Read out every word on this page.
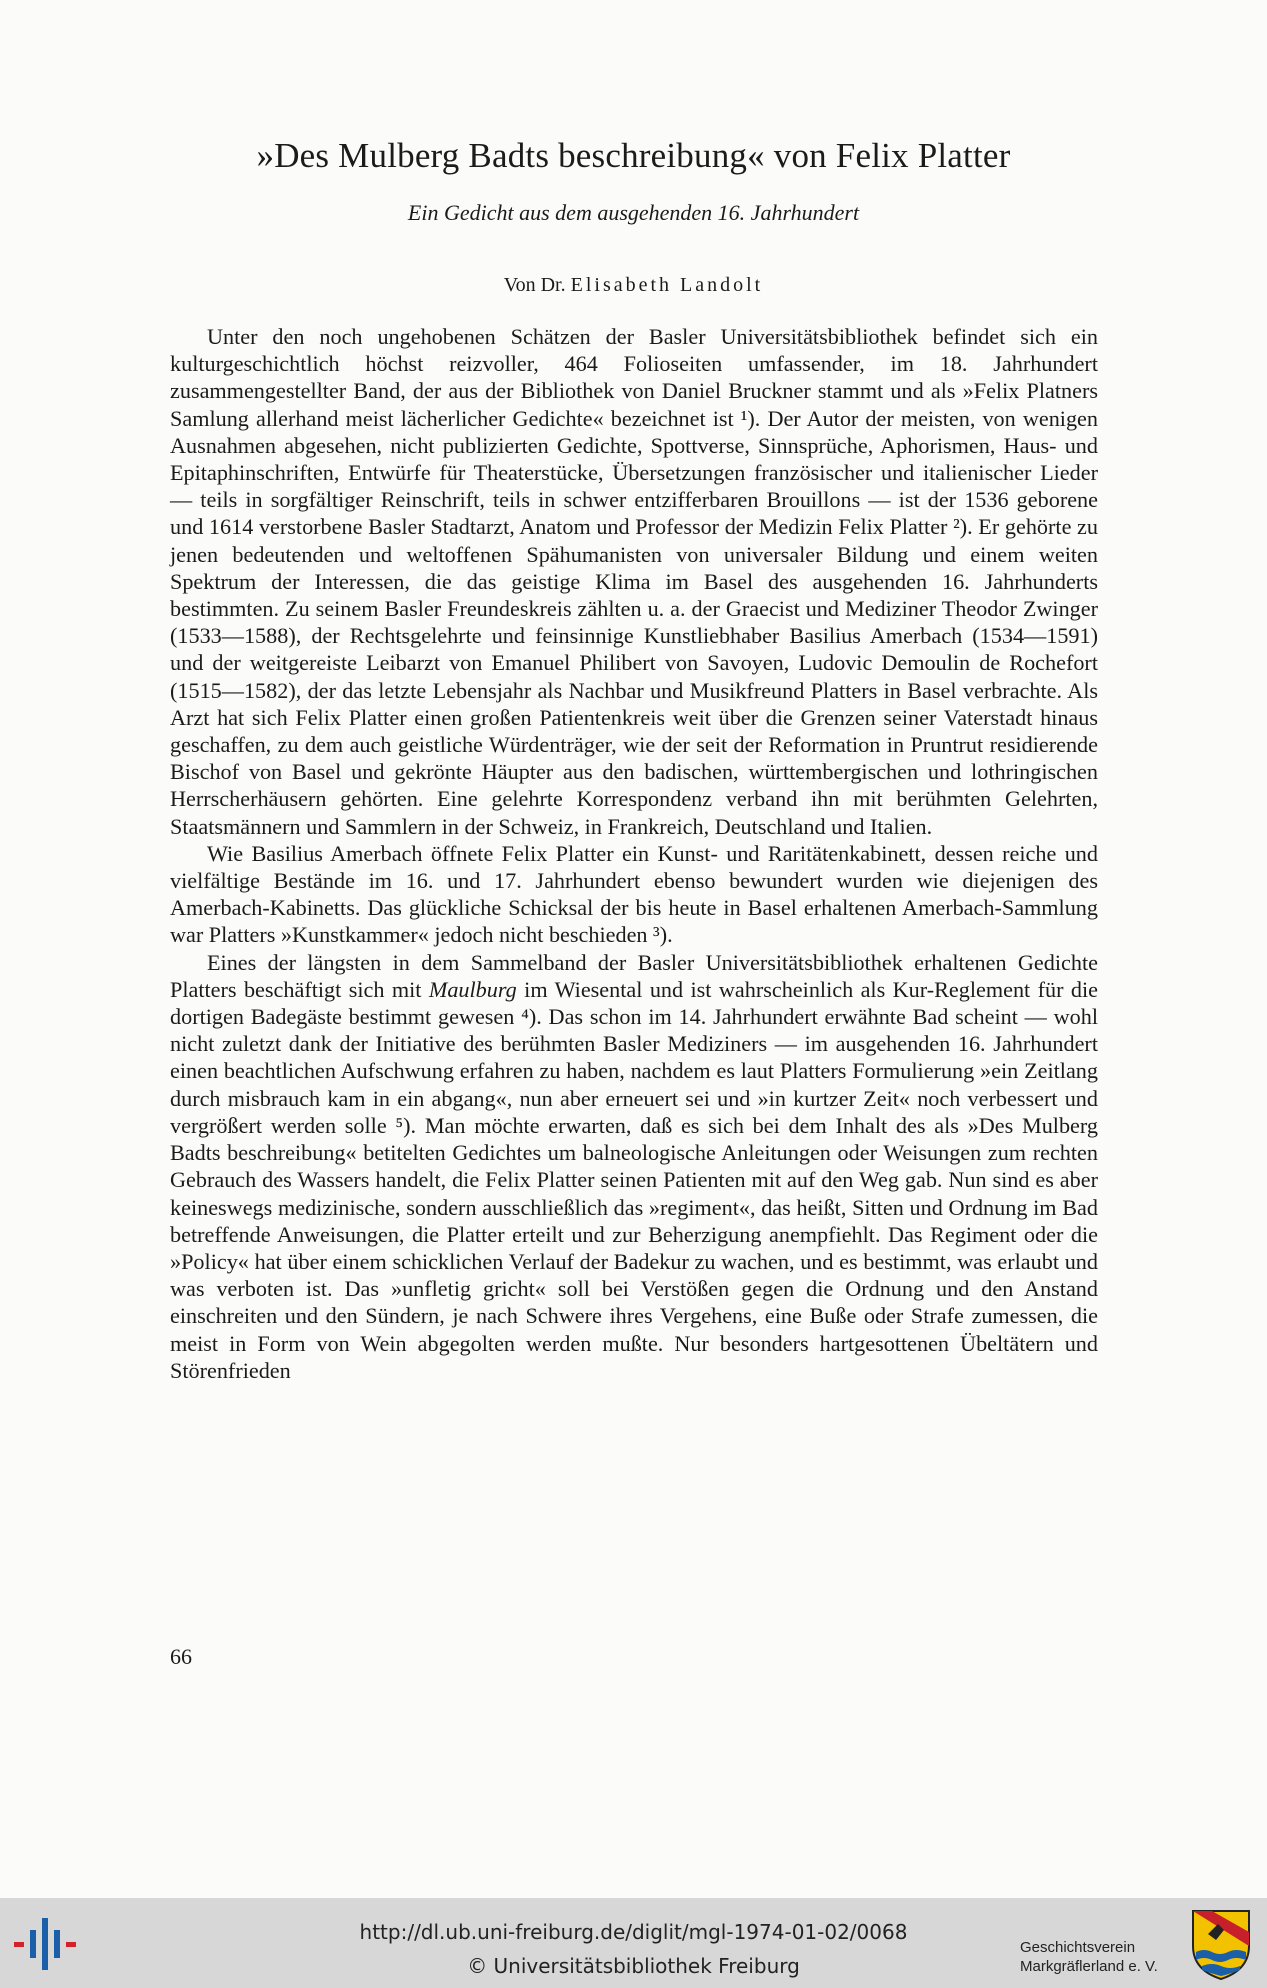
»Des Mulberg Badts beschreibung« von Felix Platter

Ein Gedicht aus dem ausgehenden 16. Jahrhundert

Von Dr. Elisabeth Landolt

Unter den noch ungehobenen Schätzen der Basler Universitätsbibliothek befindet sich ein kulturgeschichtlich höchst reizvoller, 464 Folioseiten umfassender, im 18. Jahrhundert zusammengestellter Band, der aus der Bibliothek von Daniel Bruckner stammt und als »Felix Platners Samlung allerhand meist lächerlicher Gedichte« bezeichnet ist ¹). Der Autor der meisten, von wenigen Ausnahmen abgesehen, nicht publizierten Gedichte, Spottverse, Sinnsprüche, Aphorismen, Haus- und Epitaphinschriften, Entwürfe für Theaterstücke, Übersetzungen französischer und italienischer Lieder — teils in sorgfältiger Reinschrift, teils in schwer entzifferbaren Brouillons — ist der 1536 geborene und 1614 verstorbene Basler Stadtarzt, Anatom und Professor der Medizin Felix Platter ²). Er gehörte zu jenen bedeutenden und weltoffenen Spähumanisten von universaler Bildung und einem weiten Spektrum der Interessen, die das geistige Klima im Basel des ausgehenden 16. Jahrhunderts bestimmten. Zu seinem Basler Freundeskreis zählten u. a. der Graecist und Mediziner Theodor Zwinger (1533—1588), der Rechtsgelehrte und feinsinnige Kunstliebhaber Basilius Amerbach (1534—1591) und der weitgereiste Leibarzt von Emanuel Philibert von Savoyen, Ludovic Demoulin de Rochefort (1515—1582), der das letzte Lebensjahr als Nachbar und Musikfreund Platters in Basel verbrachte. Als Arzt hat sich Felix Platter einen großen Patientenkreis weit über die Grenzen seiner Vaterstadt hinaus geschaffen, zu dem auch geistliche Würdenträger, wie der seit der Reformation in Pruntrut residierende Bischof von Basel und gekrönte Häupter aus den badischen, württembergischen und lothringischen Herrscherhäusern gehörten. Eine gelehrte Korrespondenz verband ihn mit berühmten Gelehrten, Staatsmännern und Sammlern in der Schweiz, in Frankreich, Deutschland und Italien.

Wie Basilius Amerbach öffnete Felix Platter ein Kunst- und Raritätenkabinett, dessen reiche und vielfältige Bestände im 16. und 17. Jahrhundert ebenso bewundert wurden wie diejenigen des Amerbach-Kabinetts. Das glückliche Schicksal der bis heute in Basel erhaltenen Amerbach-Sammlung war Platters »Kunstkammer« jedoch nicht beschieden ³).

Eines der längsten in dem Sammelband der Basler Universitätsbibliothek erhaltenen Gedichte Platters beschäftigt sich mit Maulburg im Wiesental und ist wahrscheinlich als Kur-Reglement für die dortigen Badegäste bestimmt gewesen ⁴). Das schon im 14. Jahrhundert erwähnte Bad scheint — wohl nicht zuletzt dank der Initiative des berühmten Basler Mediziners — im ausgehenden 16. Jahrhundert einen beachtlichen Aufschwung erfahren zu haben, nachdem es laut Platters Formulierung »ein Zeitlang durch misbrauch kam in ein abgang«, nun aber erneuert sei und »in kurtzer Zeit« noch verbessert und vergrößert werden solle ⁵). Man möchte erwarten, daß es sich bei dem Inhalt des als »Des Mulberg Badts beschreibung« betitelten Gedichtes um balneologische Anleitungen oder Weisungen zum rechten Gebrauch des Wassers handelt, die Felix Platter seinen Patienten mit auf den Weg gab. Nun sind es aber keineswegs medizinische, sondern ausschließlich das »regiment«, das heißt, Sitten und Ordnung im Bad betreffende Anweisungen, die Platter erteilt und zur Beherzigung anempfiehlt. Das Regiment oder die »Policy« hat über einem schicklichen Verlauf der Badekur zu wachen, und es bestimmt, was erlaubt und was verboten ist. Das »unfletig gricht« soll bei Verstößen gegen die Ordnung und den Anstand einschreiten und den Sündern, je nach Schwere ihres Vergehens, eine Buße oder Strafe zumessen, die meist in Form von Wein abgegolten werden mußte. Nur besonders hartgesottenen Übeltätern und Störenfrieden

66
http://dl.ub.uni-freiburg.de/diglit/mgl-1974-01-02/0068
© Universitätsbibliothek Freiburg
Geschichtsverein
Markgräflerland e. V.
